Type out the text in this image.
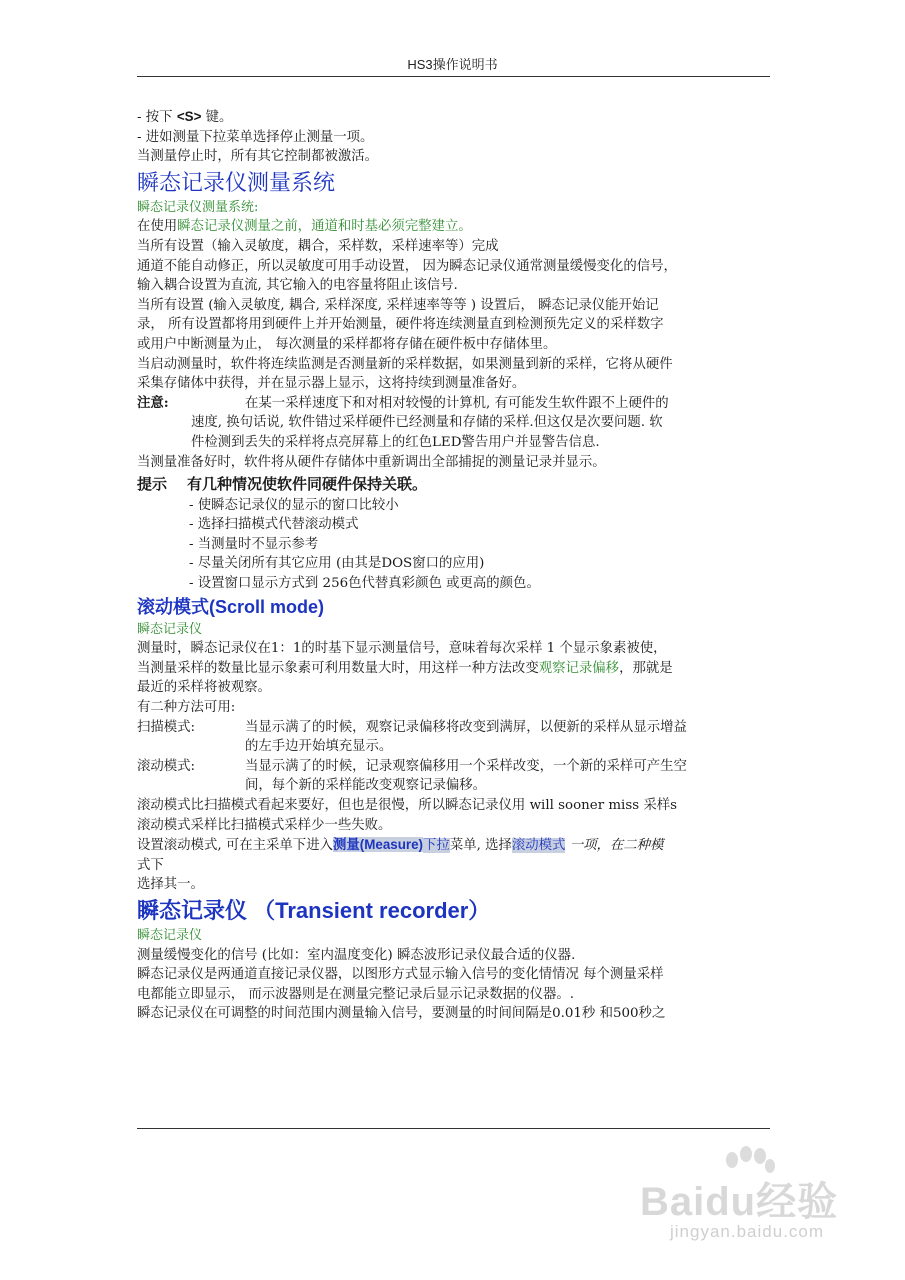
HS3操作说明书
- 按下 <S> 键。
- 进如测量下拉菜单选择停止测量一项。
当测量停止时，所有其它控制都被激活。
瞬态记录仪测量系统
瞬态记录仪测量系统:
在使用瞬态记录仪测量之前，通道和时基必须完整建立。
当所有设置（输入灵敏度，耦合，采样数，采样速率等）完成
通道不能自动修正，所以灵敏度可用手动设置， 因为瞬态记录仪通常测量缓慢变化的信号，
输入耦合设置为直流, 其它输入的电容量将阻止该信号.
当所有设置 (输入灵敏度, 耦合, 采样深度, 采样速率等等 ) 设置后， 瞬态记录仪能开始记
录， 所有设置都将用到硬件上并开始测量，硬件将连续测量直到检测预先定义的采样数字
或用户中断测量为止， 每次测量的采样都将存储在硬件板中存储体里。
当启动测量时，软件将连续监测是否测量新的采样数据，如果测量到新的采样，它将从硬件
采集存储体中获得，并在显示器上显示，这将持续到测量准备好。
注意:	在某一采样速度下和对相对较慢的计算机, 有可能发生软件跟不上硬件的
速度, 换句话说, 软件错过采样硬件已经测量和存储的采样.但这仅是次要问题. 软
件检测到丢失的采样将点亮屏幕上的红色LED警告用户并显警告信息.
当测量准备好时，软件将从硬件存储体中重新调出全部捕捉的测量记录并显示。
提示 有几种情况使软件同硬件保持关联。
- 使瞬态记录仪的显示的窗口比较小
- 选择扫描模式代替滚动模式
- 当测量时不显示参考
- 尽量关闭所有其它应用 (由其是DOS窗口的应用)
- 设置窗口显示方式到 256色代替真彩颜色 或更高的颜色。
滚动模式(Scroll mode)
瞬态记录仪
测量时，瞬态记录仪在1：1的时基下显示测量信号，意味着每次采样 1 个显示象素被使，
当测量采样的数量比显示象素可利用数量大时，用这样一种方法改变观察记录偏移，那就是
最近的采样将被观察。
有二种方法可用:
扫描模式:	当显示满了的时候，观察记录偏移将改变到满屏，以便新的采样从显示增益
的左手边开始填充显示。
滚动模式:	当显示满了的时候，记录观察偏移用一个采样改变，一个新的采样可产生空
间，每个新的采样能改变观察记录偏移。
滚动模式比扫描模式看起来要好，但也是很慢，所以瞬态记录仪用 will sooner miss 采样s
滚动模式采样比扫描模式采样少一些失败。
设置滚动模式, 可在主采单下进入测量(Measure)下拉菜单, 选择滚动模式 一项，在二种模
式下
选择其一。
瞬态记录仪 （Transient recorder）
瞬态记录仪
测量缓慢变化的信号 (比如：室内温度变化) 瞬态波形记录仪最合适的仪器.
瞬态记录仪是两通道直接记录仪器，以图形方式显示输入信号的变化情情况 每个测量采样
电都能立即显示， 而示波器则是在测量完整记录后显示记录数据的仪器。.
瞬态记录仪在可调整的时间范围内测量输入信号，要测量的时间间隔是0.01秒 和500秒之
Baidu经验
jingyan.baidu.com
